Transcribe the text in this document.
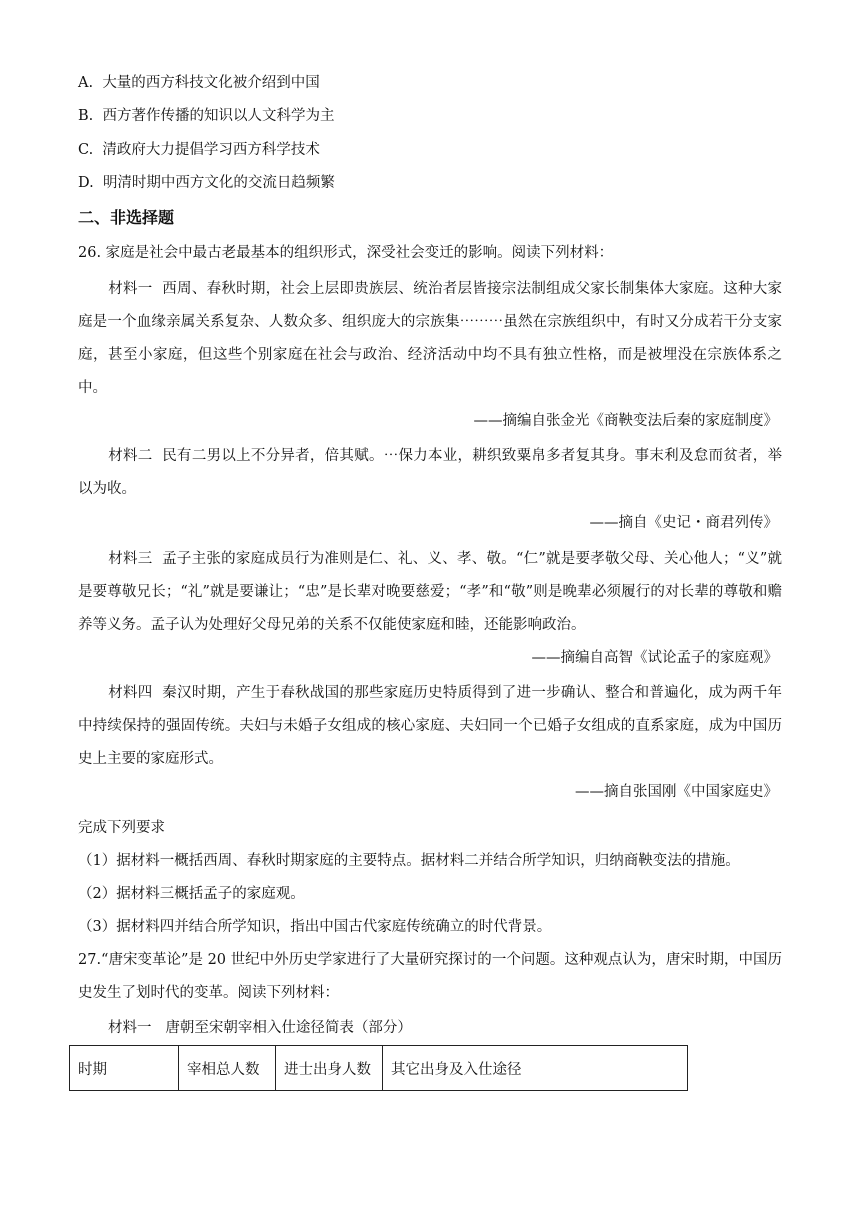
A. 大量的西方科技文化被介绍到中国
B. 西方著作传播的知识以人文科学为主
C. 清政府大力提倡学习西方科学技术
D. 明清时期中西方文化的交流日趋频繁
二、非选择题
26. 家庭是社会中最古老最基本的组织形式，深受社会变迁的影响。阅读下列材料：
材料一 西周、春秋时期，社会上层即贵族层、统治者层皆接宗法制组成父家长制集体大家庭。这种大家庭是一个血缘亲属关系复杂、人数众多、组织庞大的宗族集⋯⋯⋯虽然在宗族组织中，有时又分成若干分支家庭，甚至小家庭，但这些个别家庭在社会与政治、经济活动中均不具有独立性格，而是被埋没在宗族体系之中。
——摘编自张金光《商鞅变法后秦的家庭制度》
材料二 民有二男以上不分异者，倍其赋。⋯保力本业，耕织致粟帛多者复其身。事末利及怠而贫者，举以为收。
——摘自《史记・商君列传》
材料三 孟子主张的家庭成员行为准则是仁、礼、义、孝、敬。“仁”就是要孝敬父母、关心他人；“义”就是要尊敬兄长；“礼”就是要谦让；“忠”是长辈对晚要慈爱；“孝”和“敬”则是晚辈必须履行的对长辈的尊敬和赡养等义务。孟子认为处理好父母兄弟的关系不仅能使家庭和睦，还能影响政治。
——摘编自高智《试论孟子的家庭观》
材料四 秦汉时期，产生于春秋战国的那些家庭历史特质得到了进一步确认、整合和普遍化，成为两千年中持续保持的强固传统。夫妇与未婚子女组成的核心家庭、夫妇同一个已婚子女组成的直系家庭，成为中国历史上主要的家庭形式。
——摘自张国刚《中国家庭史》
完成下列要求
（1）据材料一概括西周、春秋时期家庭的主要特点。据材料二并结合所学知识，归纳商鞅变法的措施。
（2）据材料三概括孟子的家庭观。
（3）据材料四并结合所学知识，指出中国古代家庭传统确立的时代背景。
27.“唐宋变革论”是 20 世纪中外历史学家进行了大量研究探讨的一个问题。这种观点认为，唐宋时期，中国历史发生了划时代的变革。阅读下列材料：
材料一 唐朝至宋朝宰相入仕途径简表（部分）
时期	宰相总人数	进士出身人数	其它出身及入仕途径
